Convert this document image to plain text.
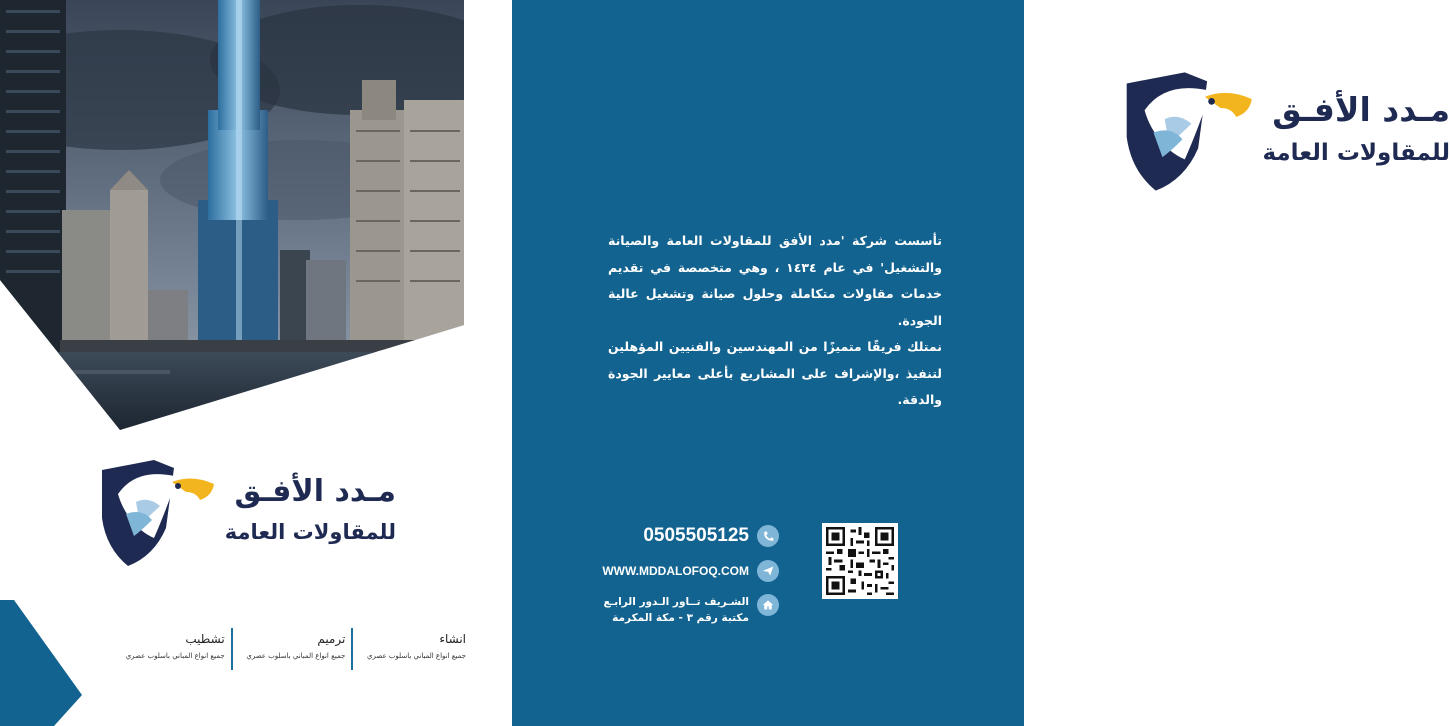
مـدد الأفـق
للمقاولات العامة
انشاء
جميع انواع المباني باسلوب عصري
ترميم
جميع انواع المباني باسلوب عصري
تشطيب
جميع انواع المباني باسلوب عصري
مـدد الأفـق
للمقاولات العامة

تأسست شركة 'مدد الأفق للمقاولات العامة والصيانة والتشغيل' في عام ١٤٣٤ ، وهي متخصصة في تقديم خدمات مقاولات متكاملة وحلول صيانة وتشغيل عالية الجودة.

نمتلك فريقًا متميزًا من المهندسين والفنيين المؤهلين لتنفيذ ،والإشراف على المشاريع بأعلى معايير الجودة والدقة.

0505505125
WWW.MDDALOFOQ.COM
الشـريف تــاور الـدور الرابـع
مكتبة رقم ٣ - مكة المكرمة
